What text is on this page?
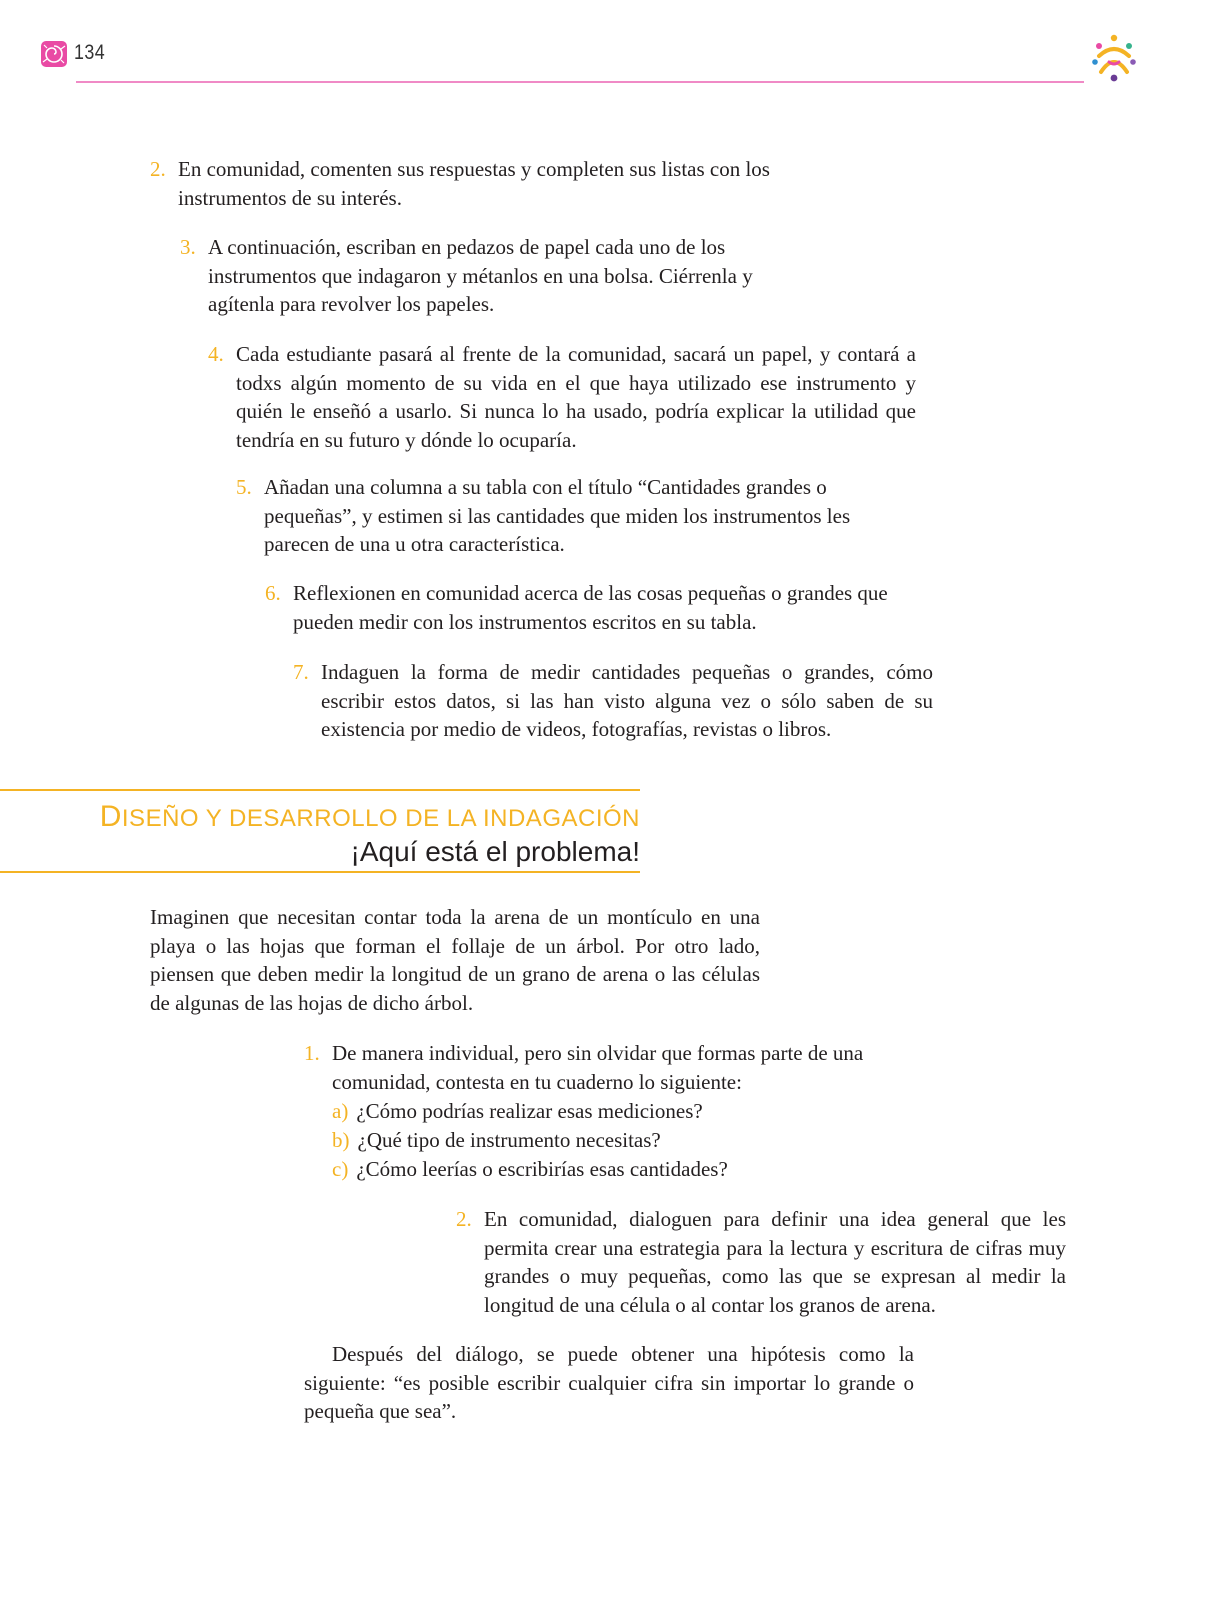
134
2. En comunidad, comenten sus respuestas y completen sus listas con los instrumentos de su interés.
3. A continuación, escriban en pedazos de papel cada uno de los instrumentos que indagaron y métanlos en una bolsa. Ciérrenla y agítenla para revolver los papeles.
4. Cada estudiante pasará al frente de la comunidad, sacará un papel, y contará a todxs algún momento de su vida en el que haya utilizado ese instrumento y quién le enseñó a usarlo. Si nunca lo ha usado, podría explicar la utilidad que tendría en su futuro y dónde lo ocuparía.
5. Añadan una columna a su tabla con el título “Cantidades grandes o pequeñas”, y estimen si las cantidades que miden los instrumentos les parecen de una u otra característica.
6. Reflexionen en comunidad acerca de las cosas pequeñas o grandes que pueden medir con los instrumentos escritos en su tabla.
7. Indaguen la forma de medir cantidades pequeñas o grandes, cómo escribir estos datos, si las han visto alguna vez o sólo saben de su existencia por medio de videos, fotografías, revistas o libros.
DISEÑO Y DESARROLLO DE LA INDAGACIÓN
¡Aquí está el problema!
Imaginen que necesitan contar toda la arena de un montículo en una playa o las hojas que forman el follaje de un árbol. Por otro lado, piensen que deben medir la longitud de un grano de arena o las células de algunas de las hojas de dicho árbol.
1. De manera individual, pero sin olvidar que formas parte de una comunidad, contesta en tu cuaderno lo siguiente:
a) ¿Cómo podrías realizar esas mediciones?
b) ¿Qué tipo de instrumento necesitas?
c) ¿Cómo leerías o escribirías esas cantidades?
2. En comunidad, dialoguen para definir una idea general que les permita crear una estrategia para la lectura y escritura de cifras muy grandes o muy pequeñas, como las que se expresan al medir la longitud de una célula o al contar los granos de arena.
Después del diálogo, se puede obtener una hipótesis como la siguiente: “es posible escribir cualquier cifra sin importar lo grande o pequeña que sea”.
